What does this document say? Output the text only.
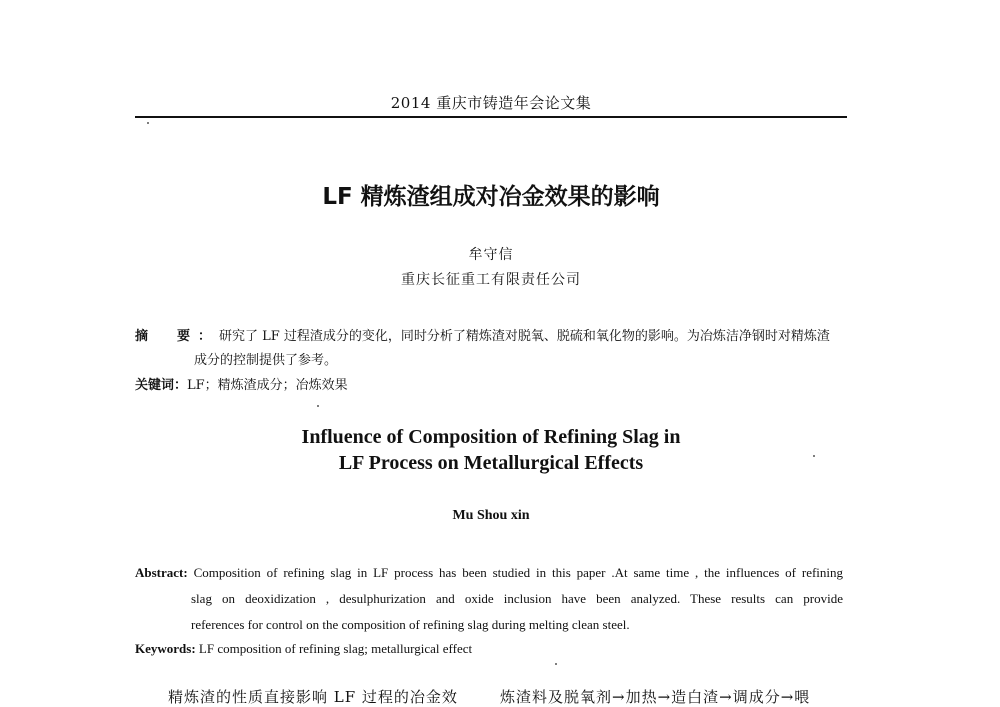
2014 重庆市铸造年会论文集
LF 精炼渣组成对冶金效果的影响
牟守信
重庆长征重工有限责任公司
摘　要：研究了 LF 过程渣成分的变化，同时分析了精炼渣对脱氧、脱硫和氧化物的影响。为冶炼洁净钢时对精炼渣
成分的控制提供了参考。
关键词：LF；精炼渣成分；冶炼效果
Influence of Composition of Refining Slag in
LF Process on Metallurgical Effects
Mu Shou xin
Abstract: Composition of refining slag in LF process has been studied in this paper .At same time , the influences of refining
slag on deoxidization , desulphurization and oxide inclusion have been analyzed. These results can provide
references for control on the composition of refining slag during melting clean steel.
Keywords: LF composition of refining slag; metallurgical effect
精炼渣的性质直接影响 LF 过程的冶金效	炼渣料及脱氧剂→加热→造白渣→调成分→喂
